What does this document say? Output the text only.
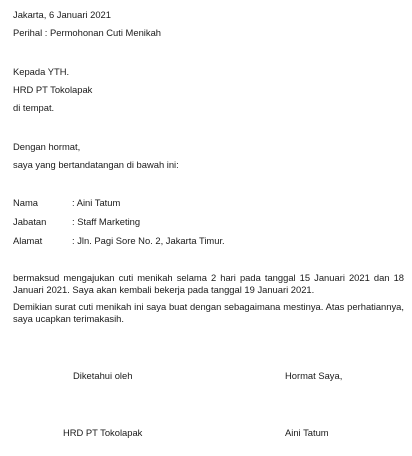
Jakarta, 6 Januari 2021
Perihal : Permohonan Cuti Menikah
Kepada YTH.
HRD PT Tokolapak
di tempat.
Dengan hormat,
saya yang bertandatangan di bawah ini:
Nama	: Aini Tatum
Jabatan	: Staff Marketing
Alamat	: Jln. Pagi Sore No. 2, Jakarta Timur.
bermaksud mengajukan cuti menikah selama 2 hari pada tanggal 15 Januari 2021 dan 18 Januari 2021. Saya akan kembali bekerja pada tanggal 19 Januari 2021.
Demikian surat cuti menikah ini saya buat dengan sebagaimana mestinya. Atas perhatiannya, saya ucapkan terimakasih.
Diketahui oleh	Hormat Saya,
HRD PT Tokolapak	Aini Tatum
